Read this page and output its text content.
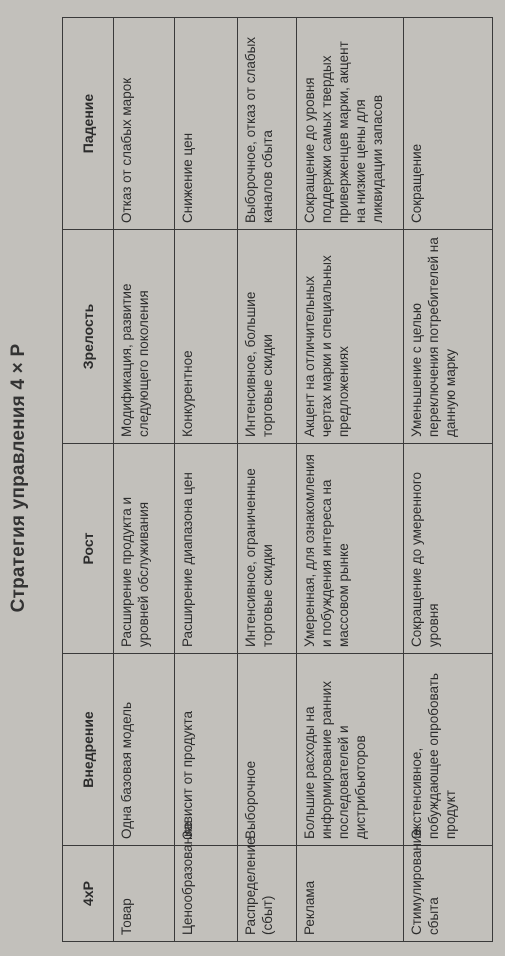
Стратегия управления 4 × Р
4хР	Внедрение	Рост	Зрелость	Падение
Товар	Одна базовая модель	Расширение продукта и уровней обслуживания	Модификация, развитие следующего поколения	Отказ от слабых марок
Ценообразование	Зависит от продукта	Расширение диапазона цен	Конкурентное	Снижение цен
Распределение (сбыт)	Выборочное	Интенсивное, ограниченные торговые скидки	Интенсивное, большие торговые скидки	Выборочное, отказ от слабых каналов сбыта
Реклама	Большие расходы на информирование ранних последователей и дистрибьюторов	Умеренная, для ознакомления и побуждения интереса на массовом рынке	Акцент на отличительных чертах марки и специальных предложениях	Сокращение до уровня поддержки самых твердых приверженцев марки, акцент на низкие цены для ликвидации запасов
Стимулирование сбыта	Экстенсивное, побуждающее опробовать продукт	Сокращение до умеренного уровня	Уменьшение с целью переключения потребителей на данную марку	Сокращение
